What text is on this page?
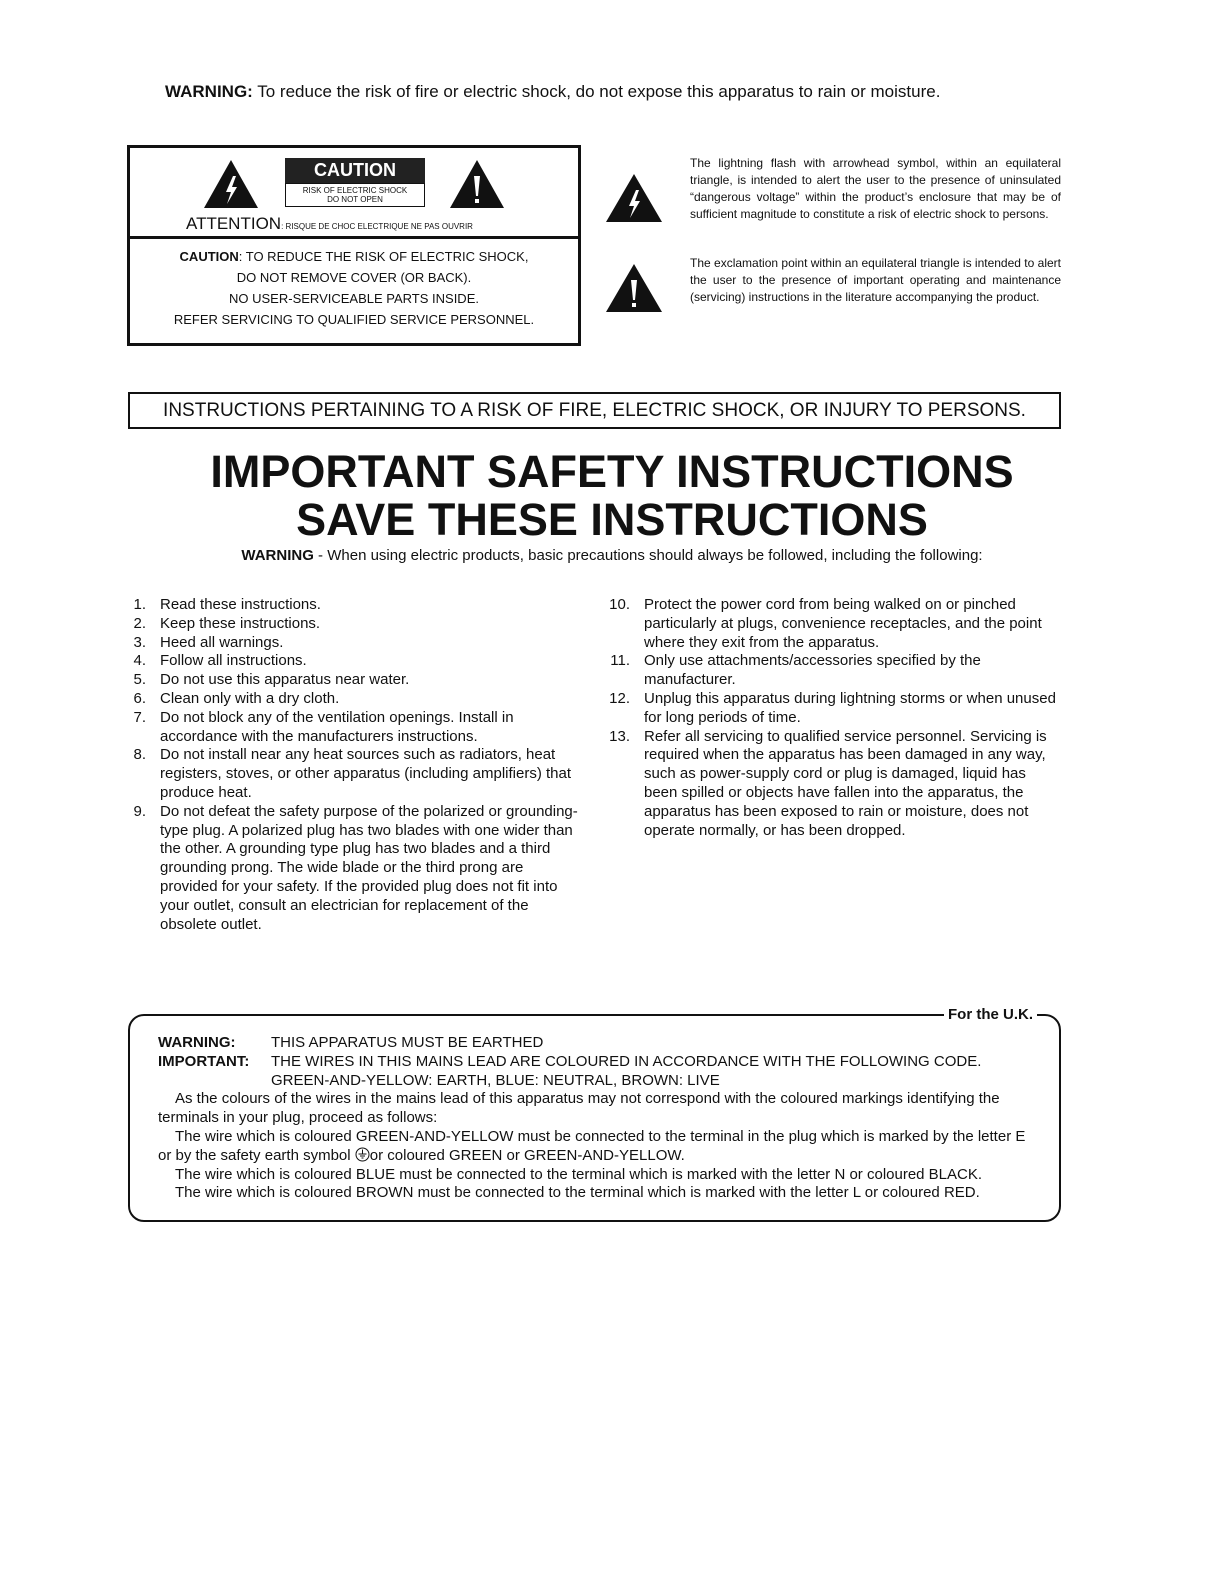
WARNING: To reduce the risk of fire or electric shock, do not expose this apparatus to rain or moisture.
CAUTION
RISK OF ELECTRIC SHOCK
DO NOT OPEN
ATTENTION: RISQUE DE CHOC ELECTRIQUE NE PAS OUVRIR
CAUTION: TO REDUCE THE RISK OF ELECTRIC SHOCK,
DO NOT REMOVE COVER (OR BACK).
NO USER-SERVICEABLE PARTS INSIDE.
REFER SERVICING TO QUALIFIED SERVICE PERSONNEL.
The lightning flash with arrowhead symbol, within an equilateral triangle, is intended to alert the user to the presence of uninsulated “dangerous voltage” within the product’s enclosure that may be of sufficient magnitude to constitute a risk of electric shock to persons.
The exclamation point within an equilateral triangle is intended to alert the user to the presence of important operating and maintenance (servicing) instructions in the literature accompanying the product.
INSTRUCTIONS PERTAINING TO A RISK OF FIRE, ELECTRIC SHOCK, OR INJURY TO PERSONS.
IMPORTANT SAFETY INSTRUCTIONS
SAVE THESE INSTRUCTIONS
WARNING - When using electric products, basic precautions should always be followed, including the following:
1. Read these instructions.
2. Keep these instructions.
3. Heed all warnings.
4. Follow all instructions.
5. Do not use this apparatus near water.
6. Clean only with a dry cloth.
7. Do not block any of the ventilation openings. Install in accordance with the manufacturers instructions.
8. Do not install near any heat sources such as radiators, heat registers, stoves, or other apparatus (including amplifiers) that produce heat.
9. Do not defeat the safety purpose of the polarized or grounding-type plug. A polarized plug has two blades with one wider than the other. A grounding type plug has two blades and a third grounding prong. The wide blade or the third prong are provided for your safety. If the provided plug does not fit into your outlet, consult an electrician for replacement of the obsolete outlet.
10. Protect the power cord from being walked on or pinched particularly at plugs, convenience receptacles, and the point where they exit from the apparatus.
11. Only use attachments/accessories specified by the manufacturer.
12. Unplug this apparatus during lightning storms or when unused for long periods of time.
13. Refer all servicing to qualified service personnel. Servicing is required when the apparatus has been damaged in any way, such as power-supply cord or plug is damaged, liquid has been spilled or objects have fallen into the apparatus, the apparatus has been exposed to rain or moisture, does not operate normally, or has been dropped.
For the U.K.
WARNING:	THIS APPARATUS MUST BE EARTHED
IMPORTANT:	THE WIRES IN THIS MAINS LEAD ARE COLOURED IN ACCORDANCE WITH THE FOLLOWING CODE.
GREEN-AND-YELLOW: EARTH, BLUE: NEUTRAL, BROWN: LIVE
As the colours of the wires in the mains lead of this apparatus may not correspond with the coloured markings identifying the terminals in your plug, proceed as follows:
The wire which is coloured GREEN-AND-YELLOW must be connected to the terminal in the plug which is marked by the letter E or by the safety earth symbol or coloured GREEN or GREEN-AND-YELLOW.
The wire which is coloured BLUE must be connected to the terminal which is marked with the letter N or coloured BLACK.
The wire which is coloured BROWN must be connected to the terminal which is marked with the letter L or coloured RED.
